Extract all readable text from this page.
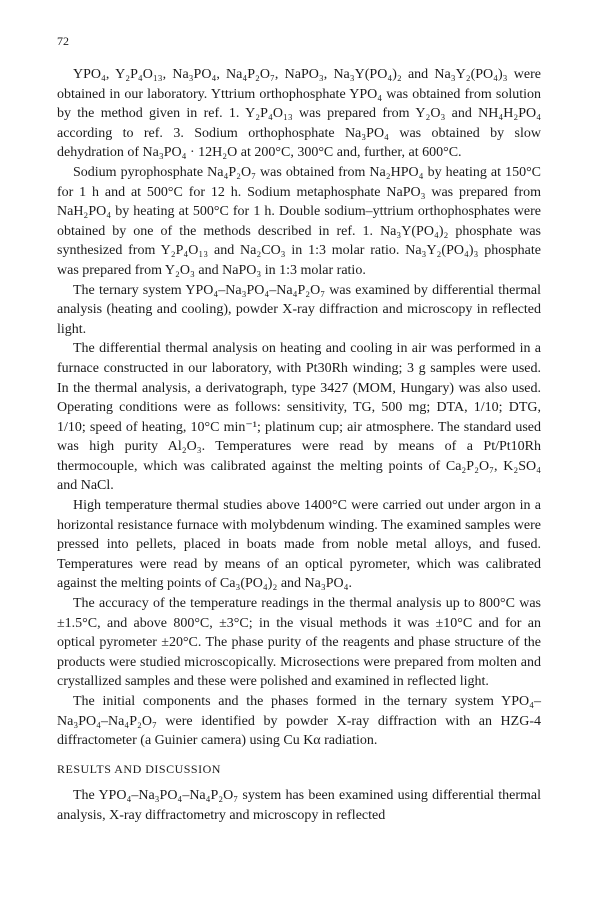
72

YPO₄, Y₂P₄O₁₃, Na₃PO₄, Na₄P₂O₇, NaPO₃, Na₃Y(PO₄)₂ and Na₃Y₂(PO₄)₃ were obtained in our laboratory. Yttrium orthophosphate YPO₄ was obtained from solution by the method given in ref. 1. Y₂P₄O₁₃ was prepared from Y₂O₃ and NH₄H₂PO₄ according to ref. 3. Sodium orthophosphate Na₃PO₄ was obtained by slow dehydration of Na₃PO₄ · 12H₂O at 200°C, 300°C and, further, at 600°C.

Sodium pyrophosphate Na₄P₂O₇ was obtained from Na₂HPO₄ by heating at 150°C for 1 h and at 500°C for 12 h. Sodium metaphosphate NaPO₃ was prepared from NaH₂PO₄ by heating at 500°C for 1 h. Double sodium–yttrium orthophosphates were obtained by one of the methods described in ref. 1. Na₃Y(PO₄)₂ phosphate was synthesized from Y₂P₄O₁₃ and Na₂CO₃ in 1:3 molar ratio. Na₃Y₂(PO₄)₃ phosphate was prepared from Y₂O₃ and NaPO₃ in 1:3 molar ratio.

The ternary system YPO₄–Na₃PO₄–Na₄P₂O₇ was examined by differential thermal analysis (heating and cooling), powder X-ray diffraction and microscopy in reflected light.

The differential thermal analysis on heating and cooling in air was performed in a furnace constructed in our laboratory, with Pt30Rh winding; 3 g samples were used. In the thermal analysis, a derivatograph, type 3427 (MOM, Hungary) was also used. Operating conditions were as follows: sensitivity, TG, 500 mg; DTA, 1/10; DTG, 1/10; speed of heating, 10°C min⁻¹; platinum cup; air atmosphere. The standard used was high purity Al₂O₃. Temperatures were read by means of a Pt/Pt10Rh thermocouple, which was calibrated against the melting points of Ca₂P₂O₇, K₂SO₄ and NaCl.

High temperature thermal studies above 1400°C were carried out under argon in a horizontal resistance furnace with molybdenum winding. The examined samples were pressed into pellets, placed in boats made from noble metal alloys, and fused. Temperatures were read by means of an optical pyrometer, which was calibrated against the melting points of Ca₃(PO₄)₂ and Na₃PO₄.

The accuracy of the temperature readings in the thermal analysis up to 800°C was ±1.5°C, and above 800°C, ±3°C; in the visual methods it was ±10°C and for an optical pyrometer ±20°C. The phase purity of the reagents and phase structure of the products were studied microscopically. Microsections were prepared from molten and crystallized samples and these were polished and examined in reflected light.

The initial components and the phases formed in the ternary system YPO₄–Na₃PO₄–Na₄P₂O₇ were identified by powder X-ray diffraction with an HZG-4 diffractometer (a Guinier camera) using Cu Kα radiation.

RESULTS AND DISCUSSION

The YPO₄–Na₃PO₄–Na₄P₂O₇ system has been examined using differential thermal analysis, X-ray diffractometry and microscopy in reflected
